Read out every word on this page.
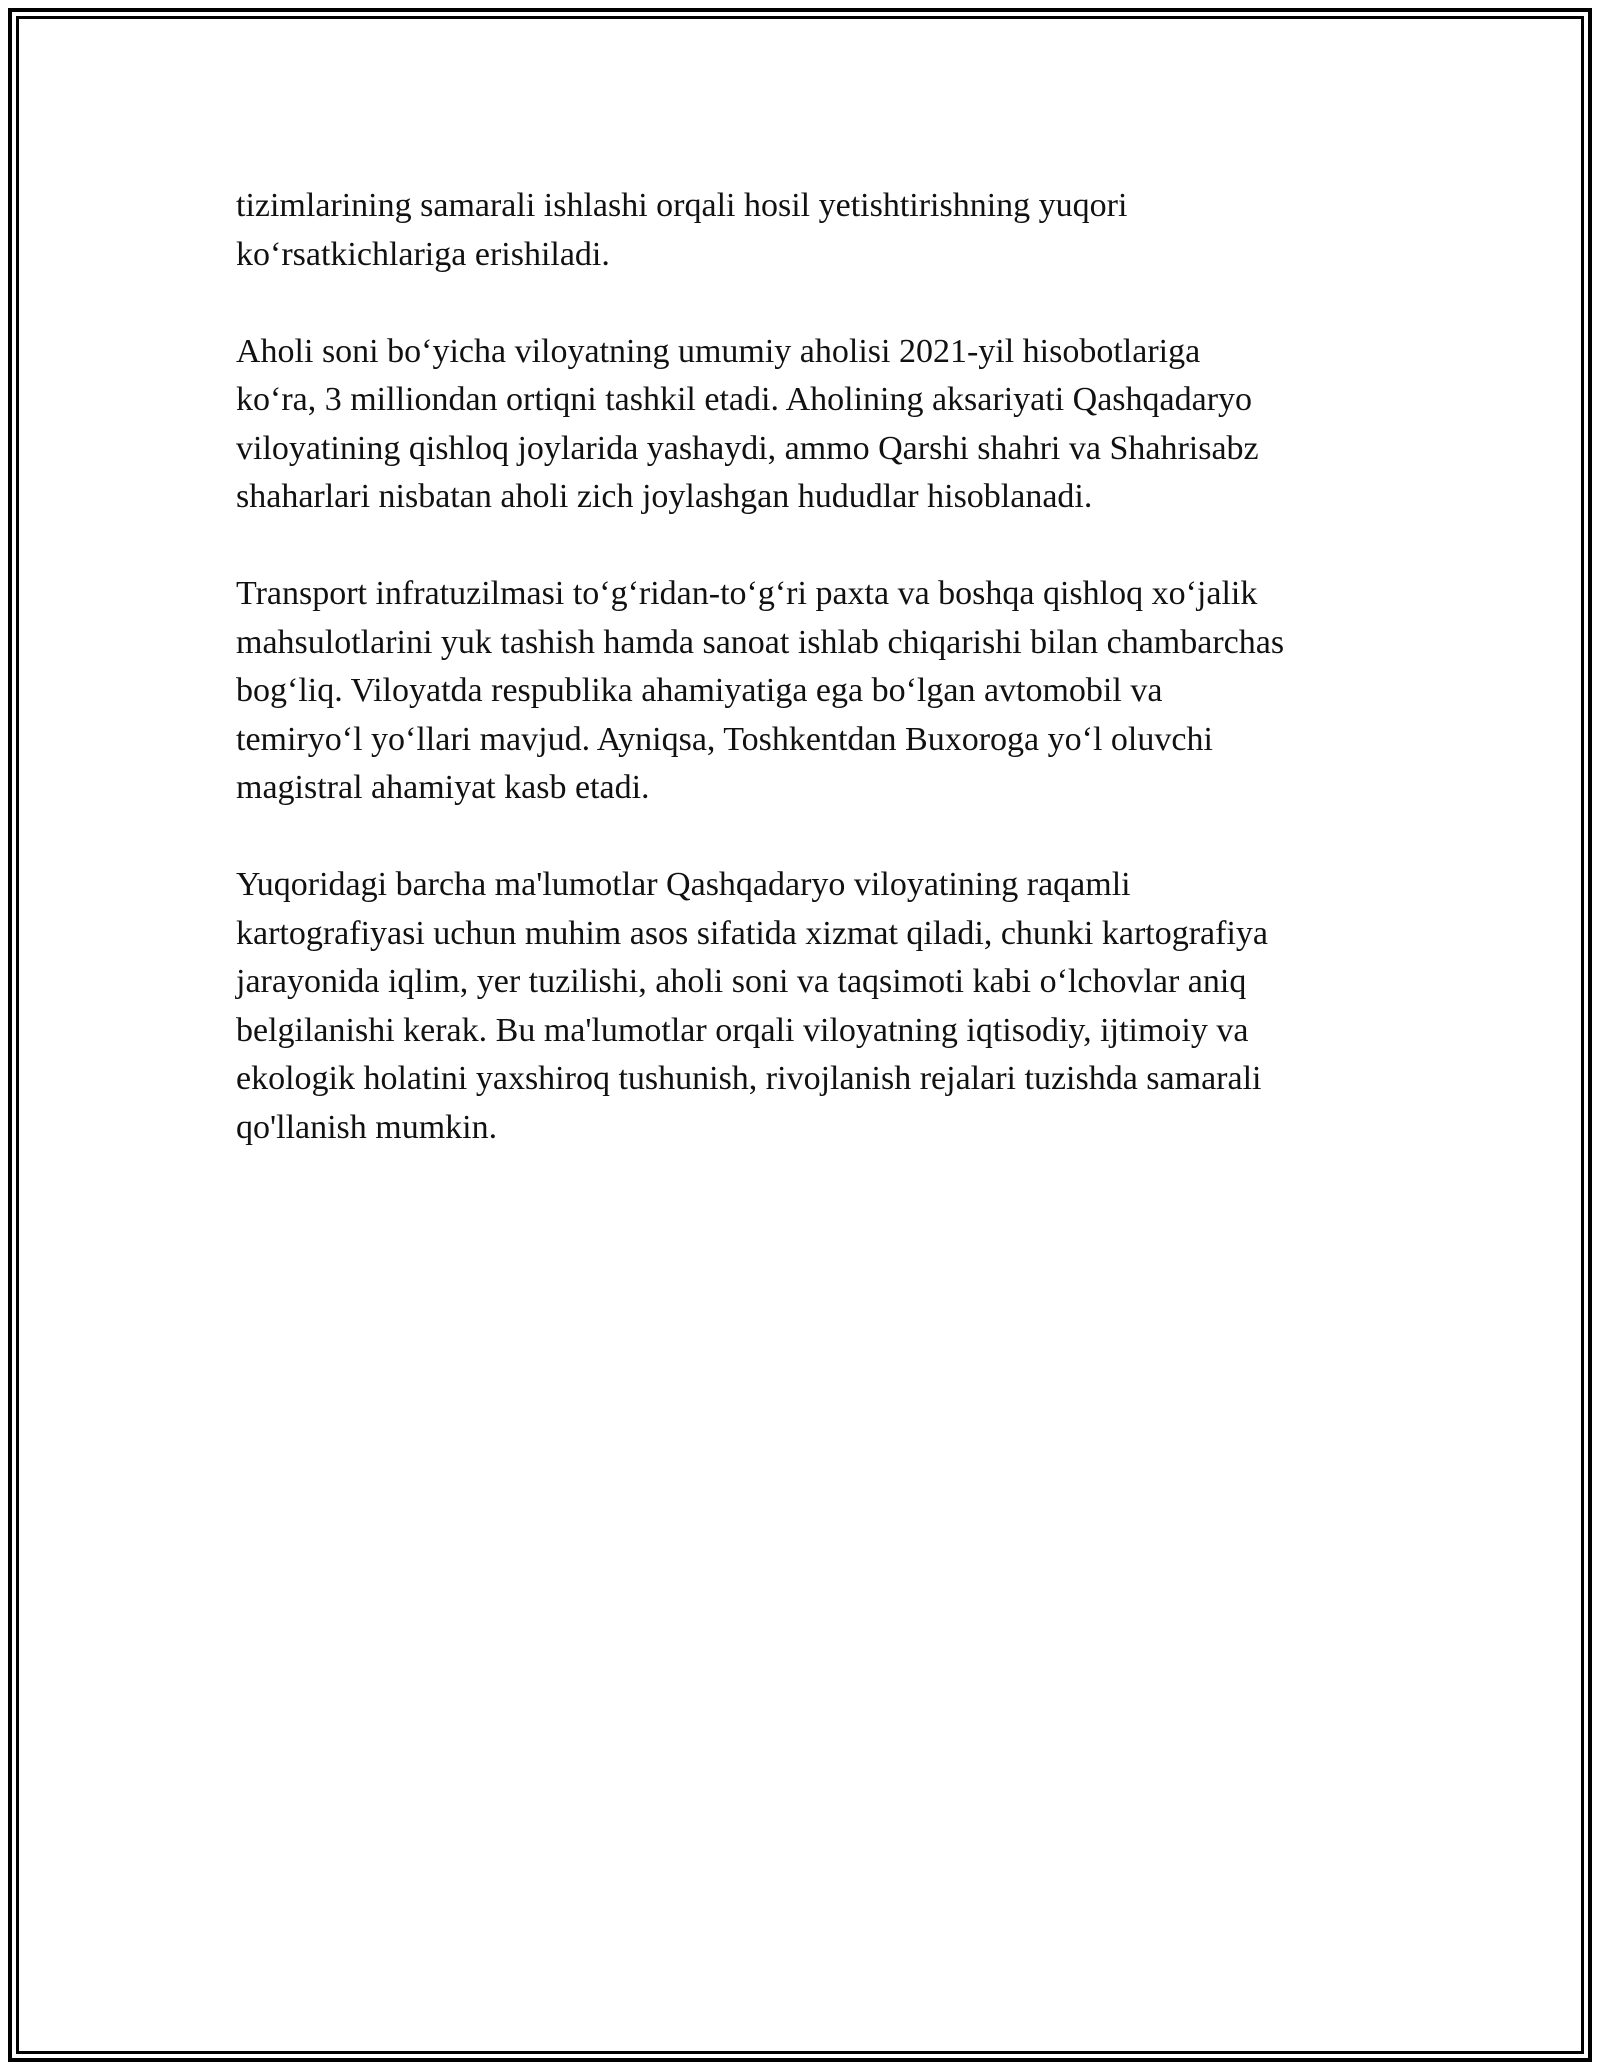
tizimlarining samarali ishlashi orqali hosil yetishtirishning yuqori
ko‘rsatkichlariga erishiladi.

Aholi soni bo‘yicha viloyatning umumiy aholisi 2021-yil hisobotlariga
ko‘ra, 3 milliondan ortiqni tashkil etadi. Aholining aksariyati Qashqadaryo
viloyatining qishloq joylarida yashaydi, ammo Qarshi shahri va Shahrisabz
shaharlari nisbatan aholi zich joylashgan hududlar hisoblanadi.

Transport infratuzilmasi to‘g‘ridan-to‘g‘ri paxta va boshqa qishloq xo‘jalik
mahsulotlarini yuk tashish hamda sanoat ishlab chiqarishi bilan chambarchas
bog‘liq. Viloyatda respublika ahamiyatiga ega bo‘lgan avtomobil va
temiryo‘l yo‘llari mavjud. Ayniqsa, Toshkentdan Buxoroga yo‘l oluvchi
magistral ahamiyat kasb etadi.

Yuqoridagi barcha ma'lumotlar Qashqadaryo viloyatining raqamli
kartografiyasi uchun muhim asos sifatida xizmat qiladi, chunki kartografiya
jarayonida iqlim, yer tuzilishi, aholi soni va taqsimoti kabi o‘lchovlar aniq
belgilanishi kerak. Bu ma'lumotlar orqali viloyatning iqtisodiy, ijtimoiy va
ekologik holatini yaxshiroq tushunish, rivojlanish rejalari tuzishda samarali
qo'llanish mumkin.
